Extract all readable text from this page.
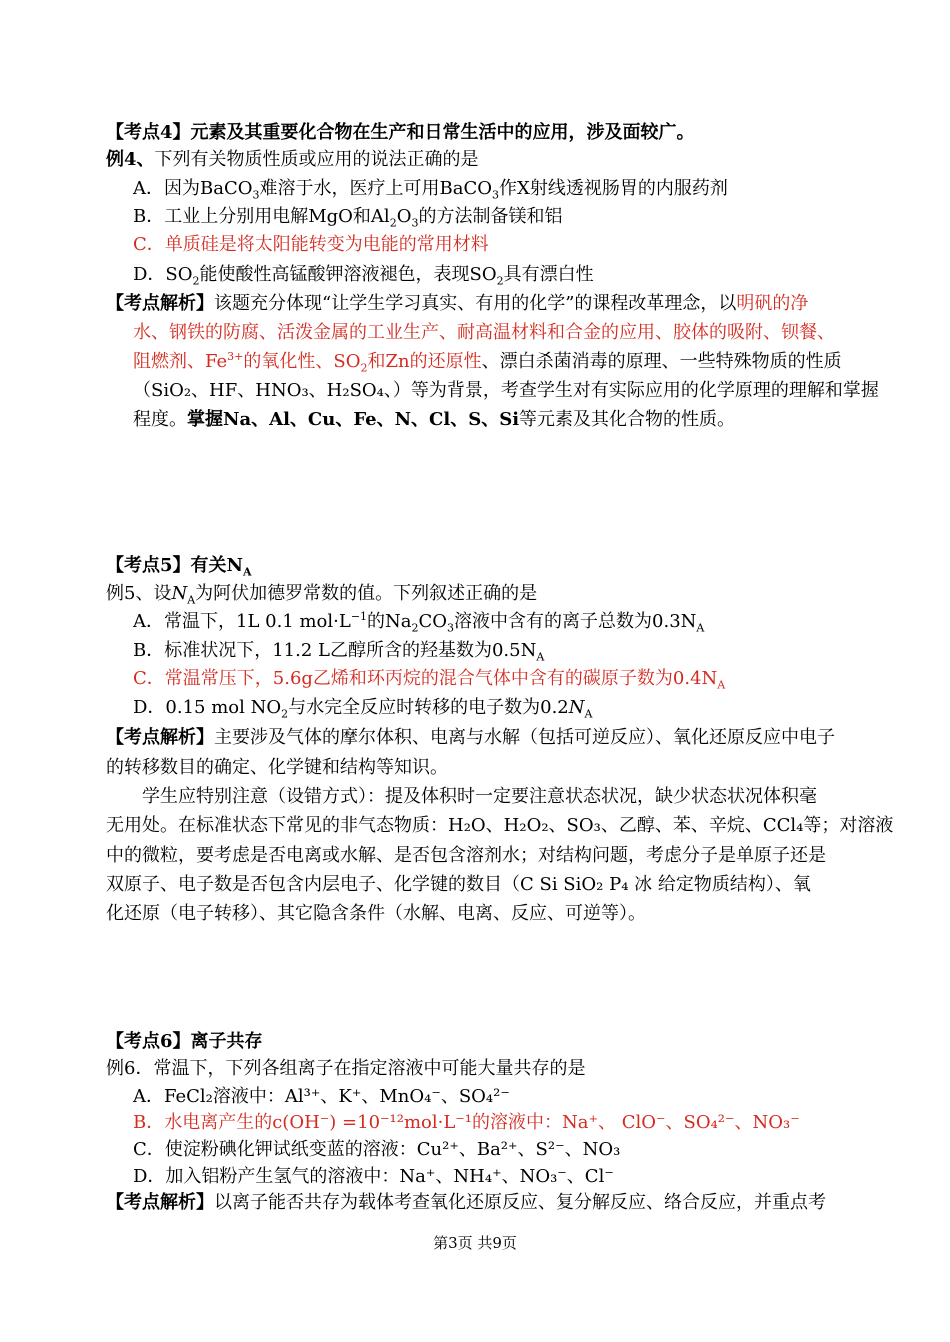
【考点4】元素及其重要化合物在生产和日常生活中的应用，涉及面较广。
例4、下列有关物质性质或应用的说法正确的是
A．因为BaCO$_3$难溶于水，医疗上可用BaCO$_3$作X射线透视肠胃的内服药剂
B．工业上分别用电解MgO和$Al_2O_3$的方法制备镁和铝
C．单质硅是将太阳能转变为电能的常用材料
D．$SO_2$能使酸性高锰酸钾溶液褪色，表现$SO_2$具有漂白性
【考点解析】该题充分体现“让学生学习真实、有用的化学”的课程改革理念，以明矾的净
水、钢铁的防腐、活泼金属的工业生产、耐高温材料和合金的应用、胶体的吸附、钡餐、
阻燃剂、$Fe^{3+}$的氧化性、$SO_2$和Zn的还原性、漂白杀菌消毒的原理、一些特殊物质的性质
（SiO₂、HF、HNO₃、H₂SO₄、）等为背景，考查学生对有实际应用的化学原理的理解和掌握
程度。掌握Na、Al、Cu、Fe、N、Cl、S、Si等元素及其化合物的性质。
【考点5】有关$N_A$
例5、设$N_A$为阿伏加德罗常数的值。下列叙述正确的是
A．常温下，1L 0.1 $mol\cdot L^{-1}$的$Na_2CO_3$溶液中含有的离子总数为$0.3N_A$
B．标准状况下，11.2 L乙醇所含的羟基数为$0.5N_A$
C．常温常压下，5.6g乙烯和环丙烷的混合气体中含有的碳原子数为$0.4N_A$
D．0.15 mol $NO_2$与水完全反应时转移的电子数为$0.2N_A$
【考点解析】主要涉及气体的摩尔体积、电离与水解（包括可逆反应）、氧化还原反应中电子
的转移数目的确定、化学键和结构等知识。
学生应特别注意（设错方式）：提及体积时一定要注意状态状况，缺少状态状况体积毫
无用处。在标准状态下常见的非气态物质：H₂O、H₂O₂、SO₃、乙醇、苯、辛烷、CCl₄等；对溶液
中的微粒，要考虑是否电离或水解、是否包含溶剂水；对结构问题，考虑分子是单原子还是
双原子、电子数是否包含内层电子、化学键的数目（C Si SiO₂ P₄ 冰 给定物质结构）、氧
化还原（电子转移）、其它隐含条件（水解、电离、反应、可逆等）。
【考点6】离子共存
例6．常温下，下列各组离子在指定溶液中可能大量共存的是
A．FeCl₂溶液中：Al³⁺、K⁺、MnO₄⁻、SO₄²⁻
B．水电离产生的c(OH⁻) =10⁻¹²mol·L⁻¹的溶液中：Na⁺、 ClO⁻、SO₄²⁻、NO₃⁻
C．使淀粉碘化钾试纸变蓝的溶液：Cu²⁺、Ba²⁺、S²⁻、NO₃
D．加入铝粉产生氢气的溶液中：Na⁺、NH₄⁺、NO₃⁻、Cl⁻
【考点解析】以离子能否共存为载体考查氧化还原反应、复分解反应、络合反应，并重点考
第3页 共9页
